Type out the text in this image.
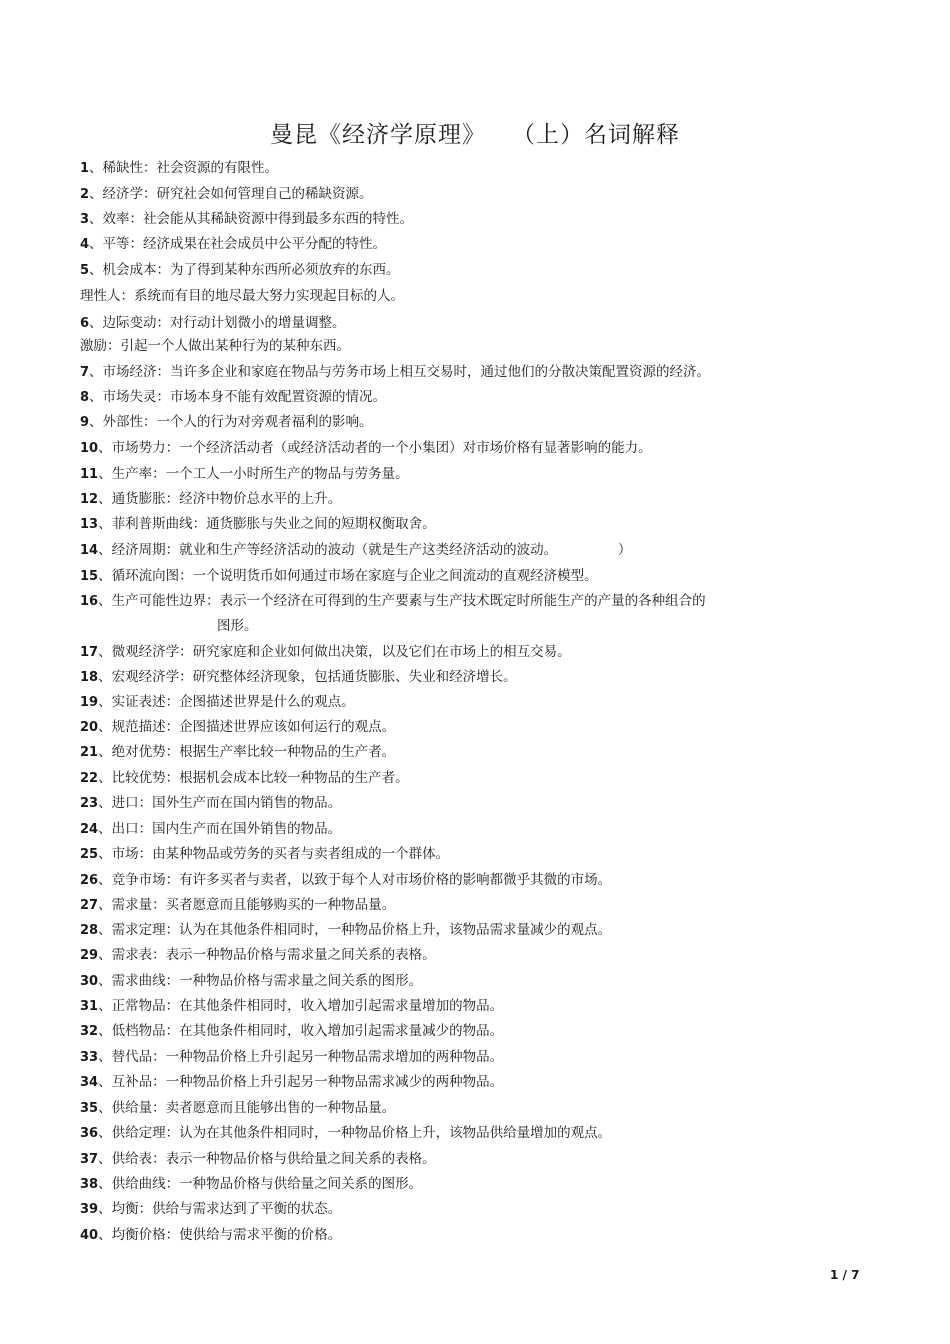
曼昆《经济学原理》 （上）名词解释
1、稀缺性：社会资源的有限性。
2、经济学：研究社会如何管理自己的稀缺资源。
3、效率：社会能从其稀缺资源中得到最多东西的特性。
4、平等：经济成果在社会成员中公平分配的特性。
5、机会成本：为了得到某种东西所必须放弃的东西。
理性人：系统而有目的地尽最大努力实现起目标的人。
6、边际变动：对行动计划微小的增量调整。
激励：引起一个人做出某种行为的某种东西。
7、市场经济：当许多企业和家庭在物品与劳务市场上相互交易时，通过他们的分散决策配置资源的经济。
8、市场失灵：市场本身不能有效配置资源的情况。
9、外部性：一个人的行为对旁观者福利的影响。
10、市场势力：一个经济活动者（或经济活动者的一个小集团）对市场价格有显著影响的能力。
11、生产率：一个工人一小时所生产的物品与劳务量。
12、通货膨胀：经济中物价总水平的上升。
13、菲利普斯曲线：通货膨胀与失业之间的短期权衡取舍。
14、经济周期：就业和生产等经济活动的波动（就是生产这类经济活动的波动。　　　　　）
15、循环流向图：一个说明货币如何通过市场在家庭与企业之间流动的直观经济模型。
16、生产可能性边界：表示一个经济在可得到的生产要素与生产技术既定时所能生产的产量的各种组合的
图形。
17、微观经济学：研究家庭和企业如何做出决策，以及它们在市场上的相互交易。
18、宏观经济学：研究整体经济现象，包括通货膨胀、失业和经济增长。
19、实证表述：企图描述世界是什么的观点。
20、规范描述：企图描述世界应该如何运行的观点。
21、绝对优势：根据生产率比较一种物品的生产者。
22、比较优势：根据机会成本比较一种物品的生产者。
23、进口：国外生产而在国内销售的物品。
24、出口：国内生产而在国外销售的物品。
25、市场：由某种物品或劳务的买者与卖者组成的一个群体。
26、竞争市场：有许多买者与卖者，以致于每个人对市场价格的影响都微乎其微的市场。
27、需求量：买者愿意而且能够购买的一种物品量。
28、需求定理：认为在其他条件相同时，一种物品价格上升，该物品需求量减少的观点。
29、需求表：表示一种物品价格与需求量之间关系的表格。
30、需求曲线：一种物品价格与需求量之间关系的图形。
31、正常物品：在其他条件相同时，收入增加引起需求量增加的物品。
32、低档物品：在其他条件相同时，收入增加引起需求量减少的物品。
33、替代品：一种物品价格上升引起另一种物品需求增加的两种物品。
34、互补品：一种物品价格上升引起另一种物品需求减少的两种物品。
35、供给量：卖者愿意而且能够出售的一种物品量。
36、供给定理：认为在其他条件相同时，一种物品价格上升，该物品供给量增加的观点。
37、供给表：表示一种物品价格与供给量之间关系的表格。
38、供给曲线：一种物品价格与供给量之间关系的图形。
39、均衡：供给与需求达到了平衡的状态。
40、均衡价格：使供给与需求平衡的价格。
1 / 7
